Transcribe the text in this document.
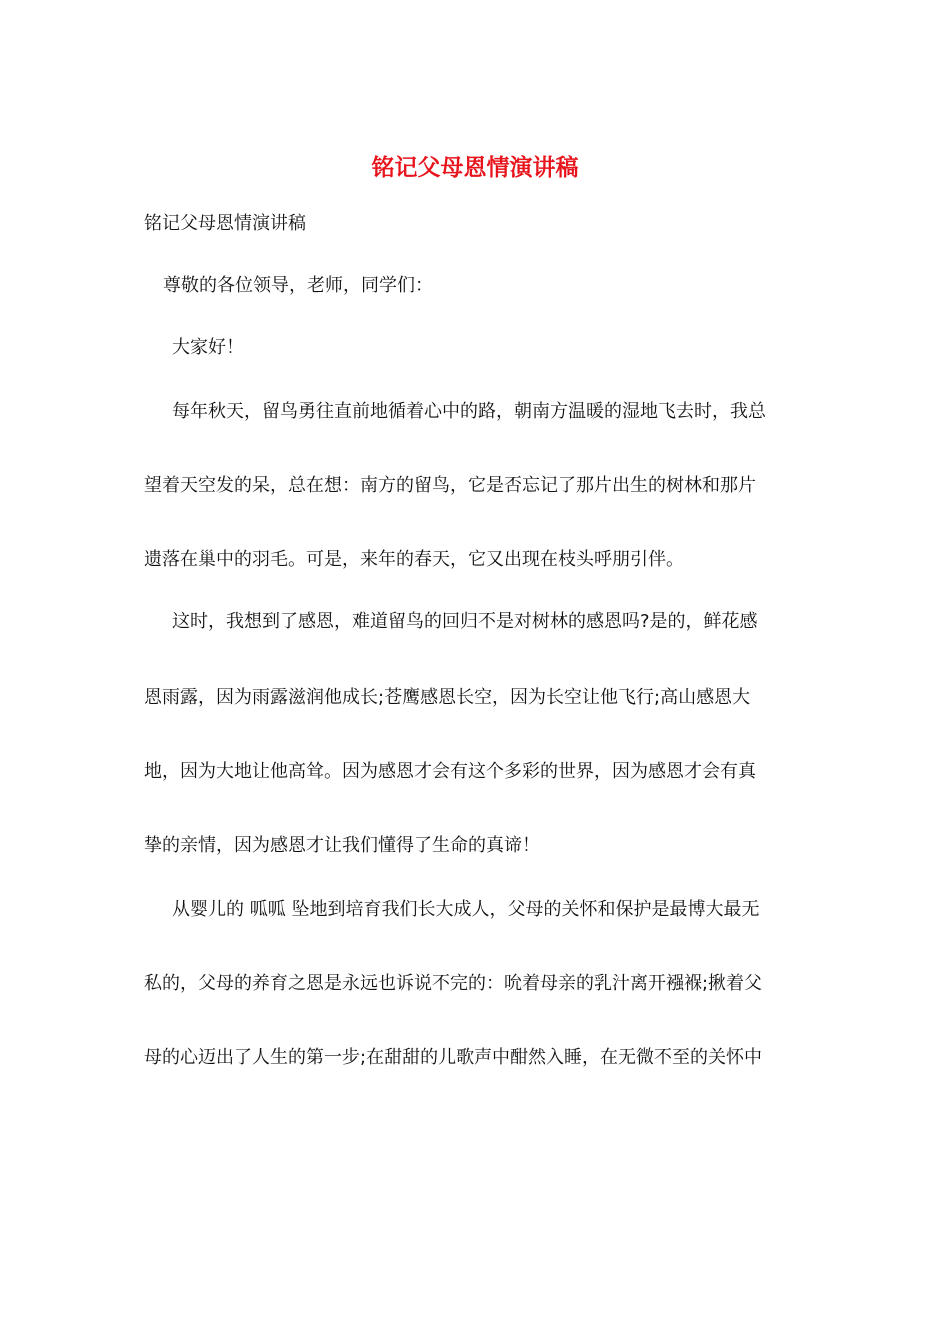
铭记父母恩情演讲稿

铭记父母恩情演讲稿

尊敬的各位领导，老师，同学们：

大家好！

每年秋天，留鸟勇往直前地循着心中的路，朝南方温暖的湿地飞去时，我总

望着天空发的呆，总在想：南方的留鸟，它是否忘记了那片出生的树林和那片

遗落在巢中的羽毛。可是，来年的春天，它又出现在枝头呼朋引伴。

这时，我想到了感恩，难道留鸟的回归不是对树林的感恩吗?是的，鲜花感

恩雨露，因为雨露滋润他成长;苍鹰感恩长空，因为长空让他飞行;高山感恩大

地，因为大地让他高耸。因为感恩才会有这个多彩的世界，因为感恩才会有真

挚的亲情，因为感恩才让我们懂得了生命的真谛！

从婴儿的 呱呱 坠地到培育我们长大成人，父母的关怀和保护是最博大最无

私的，父母的养育之恩是永远也诉说不完的：吮着母亲的乳汁离开襁褓;揪着父

母的心迈出了人生的第一步;在甜甜的儿歌声中酣然入睡，在无微不至的关怀中
